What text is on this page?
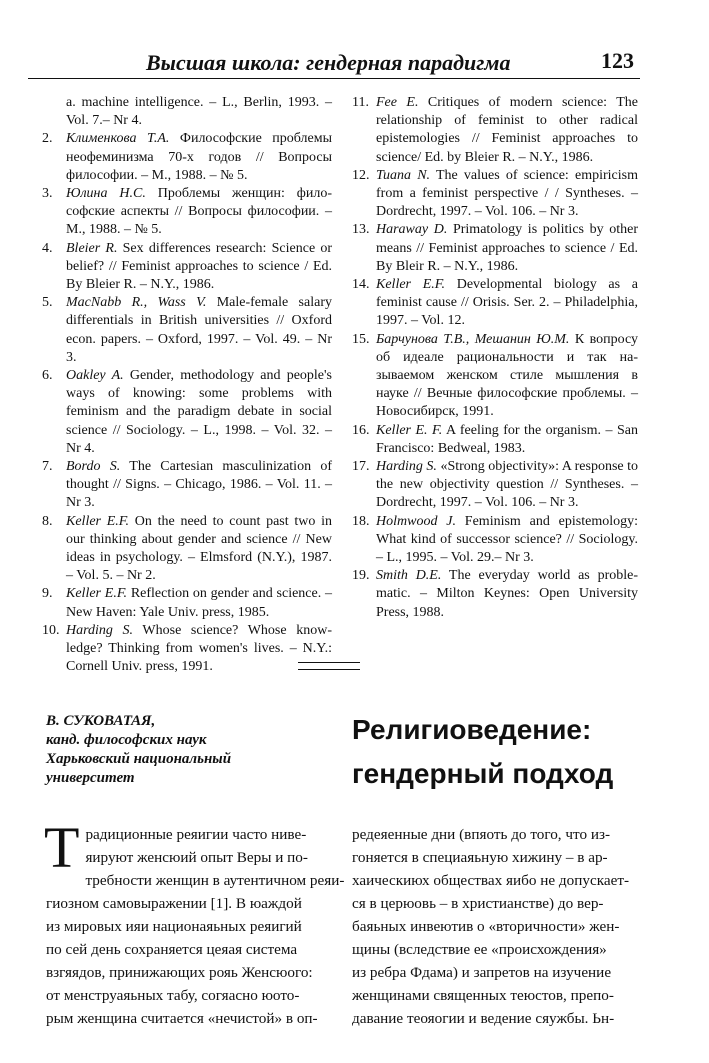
Высшая школа: гендерная парадигма	123
a. machine intelligence. – L., Berlin, 1993. – Vol. 7.– Nr 4.
2. Клименкова Т.А. Философские проблемы неофеминизма 70-х годов // Вопросы философии. – М., 1988. – № 5.
3. Юлина Н.С. Проблемы женщин: философские аспекты // Вопросы философии. – М., 1988. – № 5.
4. Bleier R. Sex differences research: Science or belief? // Feminist approaches to science / Ed. By Bleier R. – N.Y., 1986.
5. MacNabb R., Wass V. Male-female salary differentials in British universities // Oxford econ. papers. – Oxford, 1997. – Vol. 49. – Nr 3.
6. Oakley A. Gender, methodology and people's ways of knowing: some problems with feminism and the paradigm debate in social science // Sociology. – L., 1998. – Vol. 32. – Nr 4.
7. Bordo S. The Cartesian masculinization of thought // Signs. – Chicago, 1986. – Vol. 11. – Nr 3.
8. Keller E.F. On the need to count past two in our thinking about gender and science // New ideas in psychology. – Elmsford (N.Y.), 1987. – Vol. 5. – Nr 2.
9. Keller E.F. Reflection on gender and science. – New Haven: Yale Univ. press, 1985.
10. Harding S. Whose science? Whose knowledge? Thinking from women's lives. – N.Y.: Cornell Univ. press, 1991.
11. Fee E. Critiques of modern science: The relationship of feminist to other radical epistemologies // Feminist approaches to science/ Ed. by Bleier R. – N.Y., 1986.
12. Tuana N. The values of science: empiricism from a feminist perspective / / Syntheses. – Dordrecht, 1997. – Vol. 106. – Nr 3.
13. Haraway D. Primatology is politics by other means // Feminist approaches to science / Ed. By Bleir R. – N.Y., 1986.
14. Keller E.F. Developmental biology as a feminist cause // Orisis. Ser. 2. – Philadelphia, 1997. – Vol. 12.
15. Барчунова Т.В., Мешанин Ю.М. К вопросу об идеале рациональности и так называемом женском стиле мышления в науке // Вечные философские проблемы. – Новосибирск, 1991.
16. Keller E. F. A feeling for the organism. – San Francisco: Bedweal, 1983.
17. Harding S. «Strong objectivity»: A response to the new objectivity question // Syntheses. – Dordrecht, 1997. – Vol. 106. – Nr 3.
18. Holmwood J. Feminism and epistemology: What kind of successor science? // Sociology. – L., 1995. – Vol. 29.– Nr 3.
19. Smith D.E. The everyday world as problematic. – Milton Keynes: Open University Press, 1988.
В. СУКОВАТАЯ,
канд. философских наук
Харьковский национальный
университет
Религиоведение:
гендерный подход
Т радиционные реяигии часто ниве-
яируют женсюий опыт Веры и по-
требности женщин в аутентичном реяи-
гиозном самовыражении [1]. В юаждой
из мировых ияи национаяьных реяигий
по сей день сохраняется цеяая система
взгяядов, принижающих рояь Женсюого:
от менструаяьных табу, согяасно юото-
рым женщина считается «нечистой» в оп-
редеяенные дни (впяоть до того, что из-
гоняется в специаяьную хижину – в ар-
хаическиюх обществах яибо не допускает-
ся в церюовь – в христианстве) до вер-
баяьных инвеютив о «вторичности» жен-
щины (вследствие ее «происхождения»
из ребра Фдама) и запретов на изучение
женщинами священных теюстов, препо-
давание теояогии и ведение сяужбы. Ьн-
